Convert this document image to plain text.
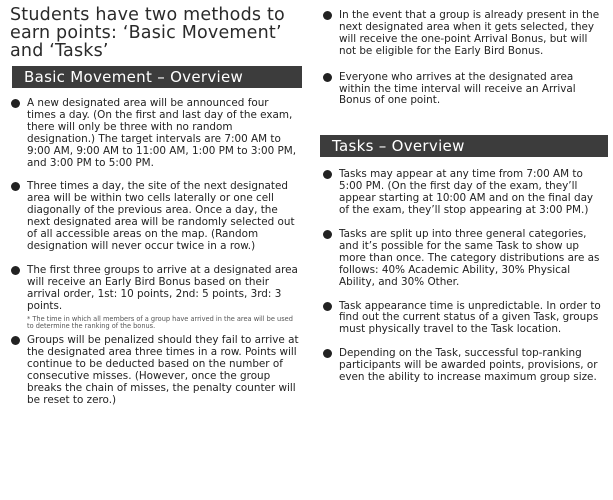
Students have two methods to earn points: ‘Basic Movement’ and ‘Tasks’
Basic Movement – Overview
A new designated area will be announced four times a day. (On the first and last day of the exam, there will only be three with no random designation.) The target intervals are 7:00 AM to 9:00 AM, 9:00 AM to 11:00 AM, 1:00 PM to 3:00 PM, and 3:00 PM to 5:00 PM.
Three times a day, the site of the next designated area will be within two cells laterally or one cell diagonally of the previous area. Once a day, the next designated area will be randomly selected out of all accessible areas on the map. (Random designation will never occur twice in a row.)
The first three groups to arrive at a designated area will receive an Early Bird Bonus based on their arrival order, 1st: 10 points, 2nd: 5 points, 3rd: 3 points.
* The time in which all members of a group have arrived in the area will be used to determine the ranking of the bonus.
Groups will be penalized should they fail to arrive at the designated area three times in a row. Points will continue to be deducted based on the number of consecutive misses. (However, once the group breaks the chain of misses, the penalty counter will be reset to zero.)
In the event that a group is already present in the next designated area when it gets selected, they will receive the one-point Arrival Bonus, but will not be eligible for the Early Bird Bonus.
Everyone who arrives at the designated area within the time interval will receive an Arrival Bonus of one point.
Tasks – Overview
Tasks may appear at any time from 7:00 AM to 5:00 PM. (On the first day of the exam, they’ll appear starting at 10:00 AM and on the final day of the exam, they’ll stop appearing at 3:00 PM.)
Tasks are split up into three general categories, and it’s possible for the same Task to show up more than once. The category distributions are as follows: 40% Academic Ability, 30% Physical Ability, and 30% Other.
Task appearance time is unpredictable. In order to find out the current status of a given Task, groups must physically travel to the Task location.
Depending on the Task, successful top-ranking participants will be awarded points, provisions, or even the ability to increase maximum group size.
